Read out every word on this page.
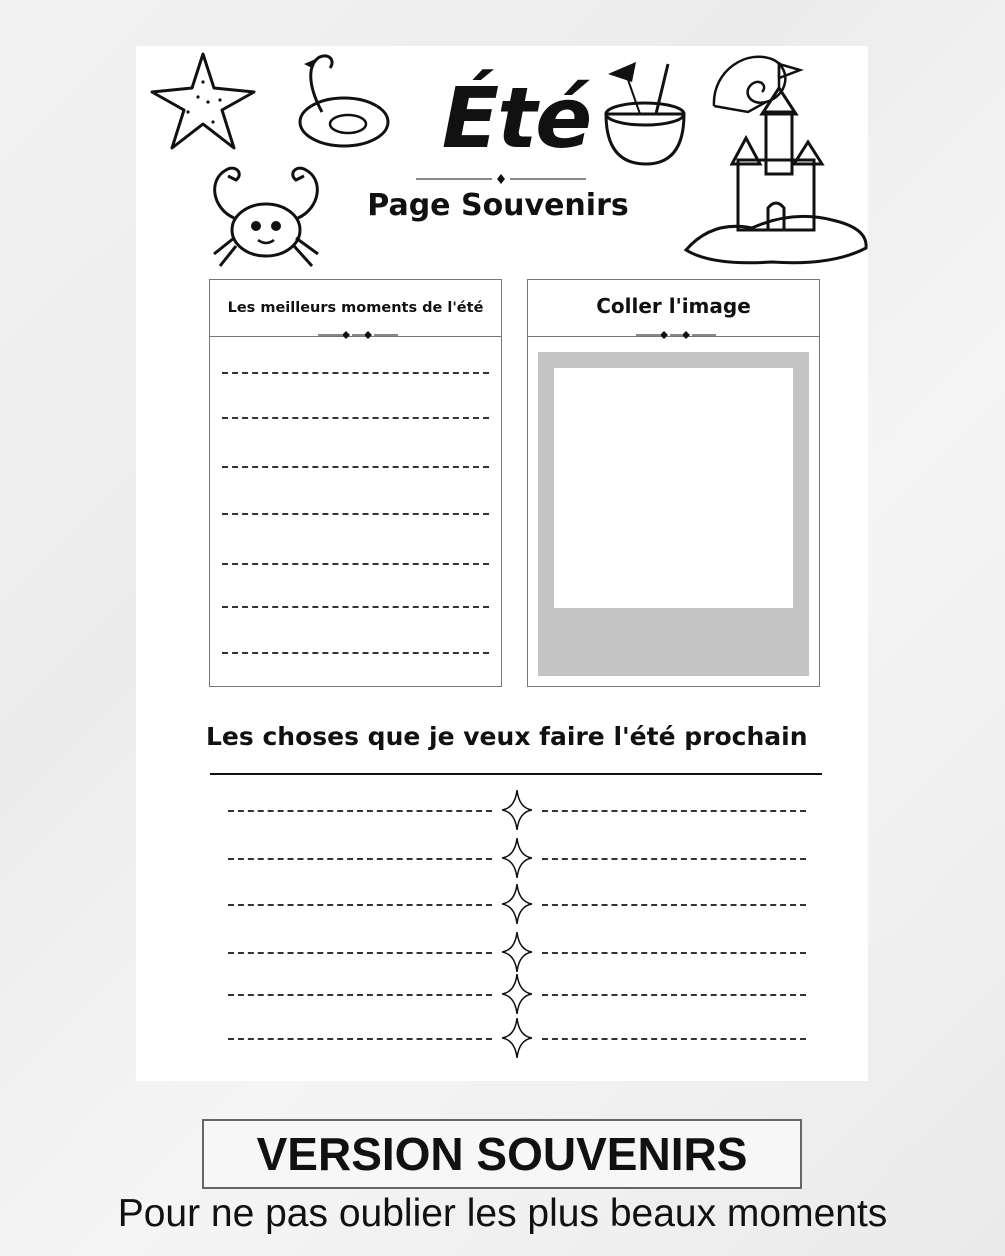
Été
Page Souvenirs
Les meilleurs moments de l'été	Coller l'image
Les choses que je veux faire l'été prochain
VERSION SOUVENIRS
Pour ne pas oublier les plus beaux moments
